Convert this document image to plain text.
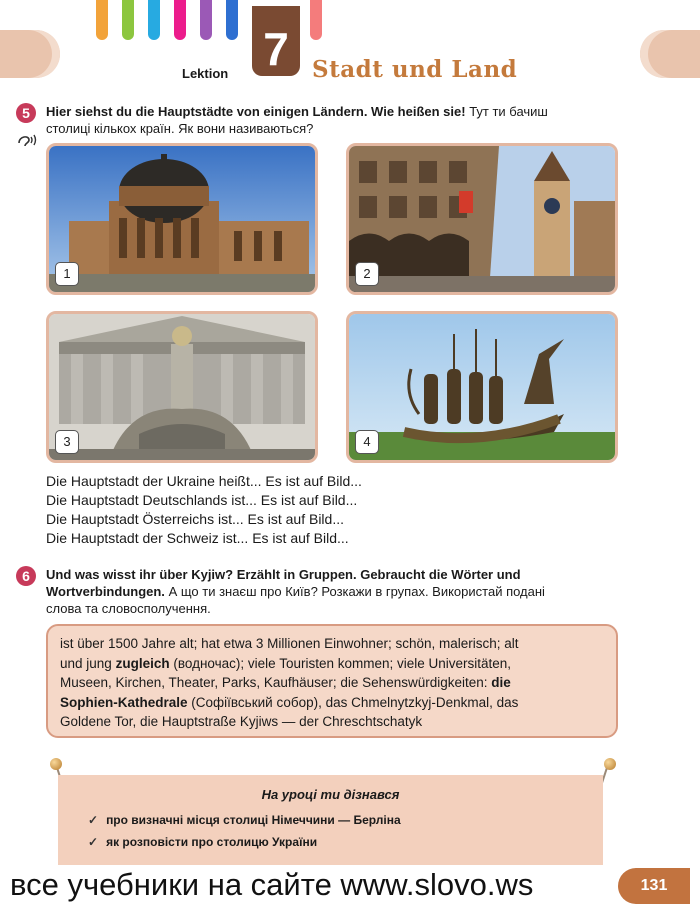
7
Lektion	Stadt und Land
5	Hier siehst du die Hauptstädte von einigen Ländern. Wie heißen sie! Тут ти бачиш
столиці кількох країн. Як вони називаються?
1	2
3	4
Die Hauptstadt der Ukraine heißt... Es ist auf Bild...
Die Hauptstadt Deutschlands ist... Es ist auf Bild...
Die Hauptstadt Österreichs ist... Es ist auf Bild...
Die Hauptstadt der Schweiz ist... Es ist auf Bild...
6	Und was wisst ihr über Kyjiw? Erzählt in Gruppen. Gebraucht die Wörter und
Wortverbindungen. А що ти знаєш про Київ? Розкажи в групах. Використай подані
слова та словосполучення.
ist über 1500 Jahre alt; hat etwa 3 Millionen Einwohner; schön, malerisch; alt
und jung zugleich (водночас); viele Touristen kommen; viele Universitäten,
Museen, Kirchen, Theater, Parks, Kaufhäuser; die Sehenswürdigkeiten: die
Sophien-Kathedrale (Софіївський собор), das Chmelnytzkyj-Denkmal, das
Goldene Tor, die Hauptstraße Kyjiws — der Chreschtschatyk
На уроці ти дізнався
✓ про визначні місця столиці Німеччини — Берліна
✓ як розповісти про столицю України
131
все учебники на сайте www.slovo.ws
